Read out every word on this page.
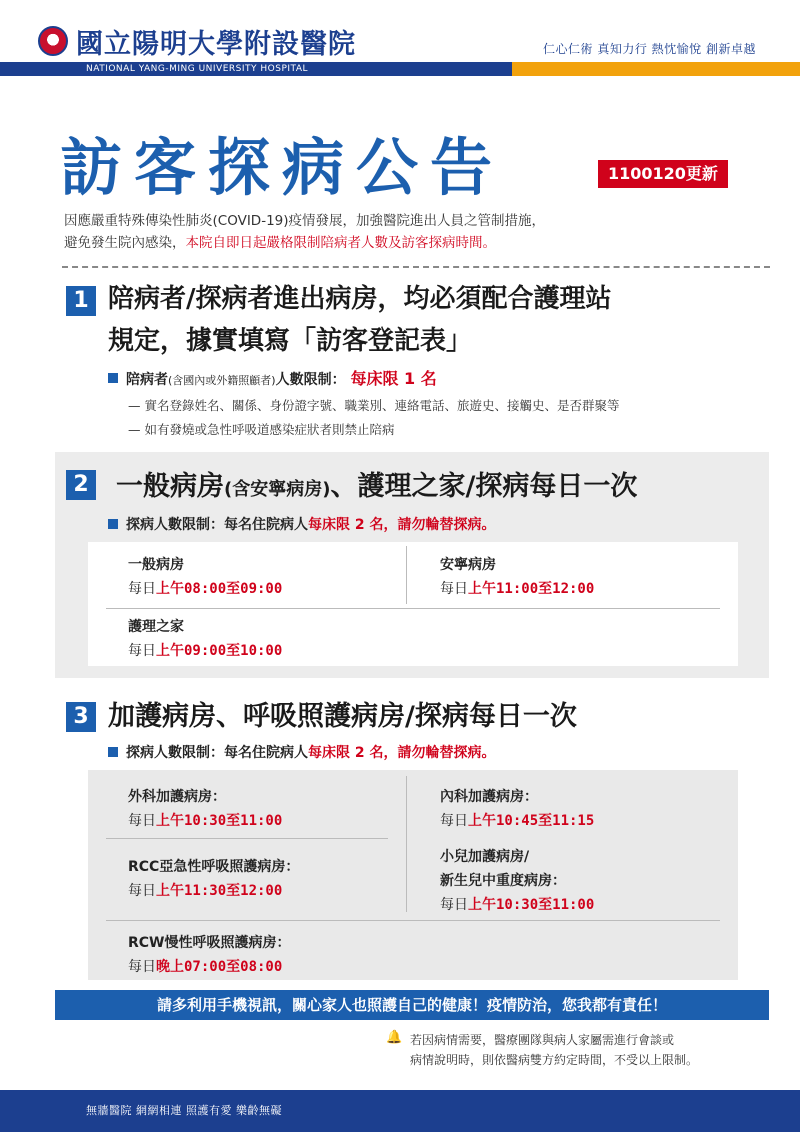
國立陽明大學附設醫院	仁心仁術 真知力行 熱忱愉悅 創新卓越
NATIONAL YANG-MING UNIVERSITY HOSPITAL
訪客探病公告	1100120更新
因應嚴重特殊傳染性肺炎(COVID-19)疫情發展，加強醫院進出人員之管制措施，
避免發生院內感染，本院自即日起嚴格限制陪病者人數及訪客探病時間。
1 陪病者/探病者進出病房，均必須配合護理站
規定，據實填寫「訪客登記表」
陪病者(含國內或外籍照顧者)人數限制： 每床限 1 名
— 實名登錄姓名、關係、身份證字號、職業別、連絡電話、旅遊史、接觸史、是否群聚等
— 如有發燒或急性呼吸道感染症狀者則禁止陪病
2 一般病房(含安寧病房)、護理之家/探病每日一次
探病人數限制：每名住院病人每床限 2 名，請勿輪替探病。
一般病房
每日上午08:00至09:00
安寧病房
每日上午11:00至12:00
護理之家
每日上午09:00至10:00
3 加護病房、呼吸照護病房/探病每日一次
探病人數限制：每名住院病人每床限 2 名，請勿輪替探病。
外科加護病房：
每日上午10:30至11:00
內科加護病房：
每日上午10:45至11:15
RCC亞急性呼吸照護病房：
每日上午11:30至12:00
小兒加護病房/
新生兒中重度病房：
每日上午10:30至11:00
RCW慢性呼吸照護病房：
每日晚上07:00至08:00
請多利用手機視訊，關心家人也照護自己的健康！疫情防治，您我都有責任！
🔔 若因病情需要，醫療團隊與病人家屬需進行會談或
病情說明時，則依醫病雙方約定時間，不受以上限制。
無牆醫院 網網相連 照護有愛 樂齡無礙
